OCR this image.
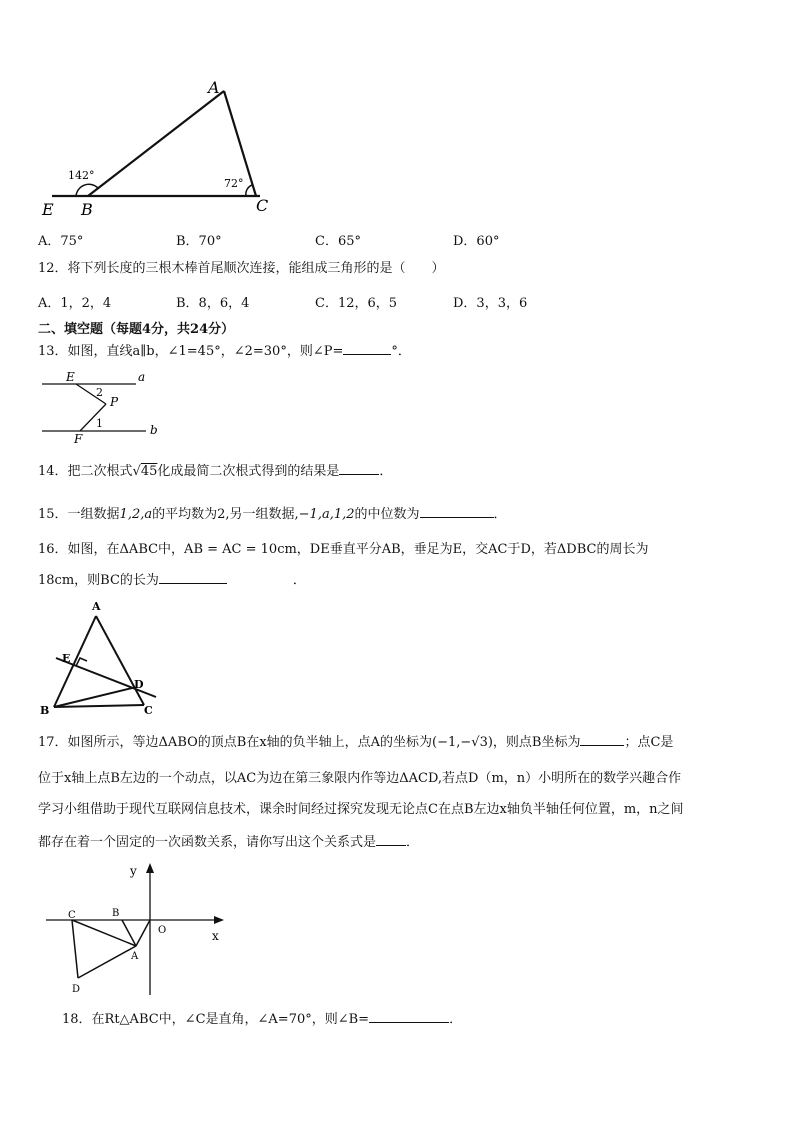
A
E B	C
142°
72°
A．75°	B．70°	C．65°	D．60°
12．将下列长度的三根木棒首尾顺次连接，能组成三角形的是（　　）
A．1，2，4	B．8，6，4	C．12，6，5	D．3，3，6
二、填空题（每题4分，共24分）
13．如图，直线a∥b，∠1=45°，∠2=30°，则∠P=	°．
E	a
2
P
1
F
b
14．把二次根式√45化成最简二次根式得到的结果是	．
15．一组数据1,2,a的平均数为2,另一组数据,−1,a,1,2的中位数为	．
16．如图，在ΔABC中，AB = AC = 10cm，DE垂直平分AB，垂足为E，交AC于D，若ΔDBC的周长为
18cm，则BC的长为	．
A
E
D
B	C
17．如图所示，等边ΔABO的顶点B在x轴的负半轴上，点A的坐标为(−1,−√3)，则点B坐标为	；点C是
位于x轴上点B左边的一个动点，以AC为边在第三象限内作等边ΔACD,若点D（m，n）小明所在的数学兴趣合作
学习小组借助于现代互联网信息技术，课余时间经过探究发现无论点C在点B左边x轴负半轴任何位置，m，n之间
都存在着一个固定的一次函数关系，请你写出这个关系式是 ．
y
x
O
B
C
A
D
18．在Rt△ABC中，∠C是直角，∠A=70°，则∠B=	．
